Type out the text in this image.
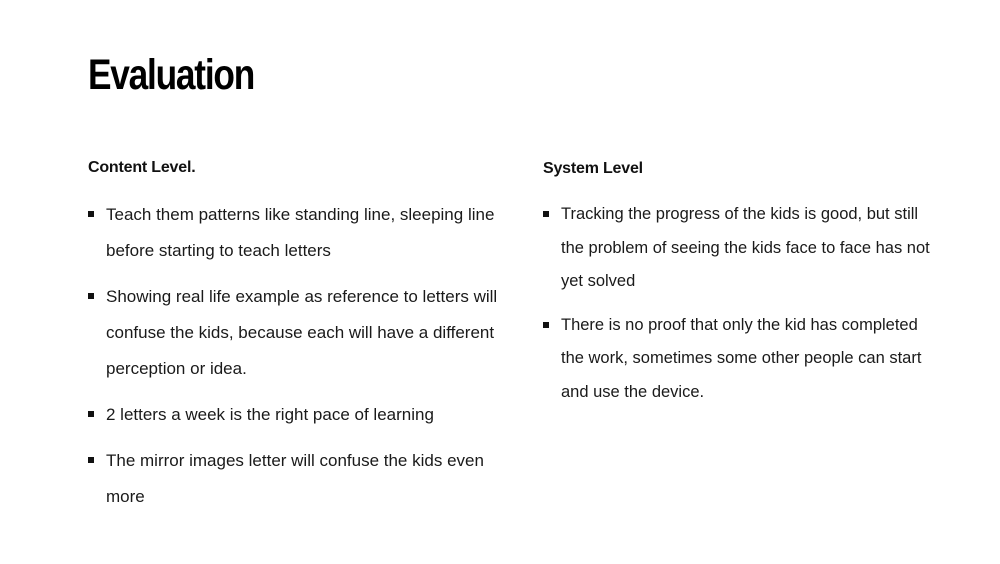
Evaluation
Content Level.
Teach them patterns like standing line, sleeping line before starting to teach letters
Showing real life example as reference to letters will confuse the kids, because each will have a different perception or idea.
2 letters a week is the right pace of learning
The mirror images letter will confuse the kids even more
System Level
Tracking the progress of the kids is good, but still the problem of seeing the kids face to face has not yet solved
There is no proof that only the kid has completed the work, sometimes some other people can start and use the device.
